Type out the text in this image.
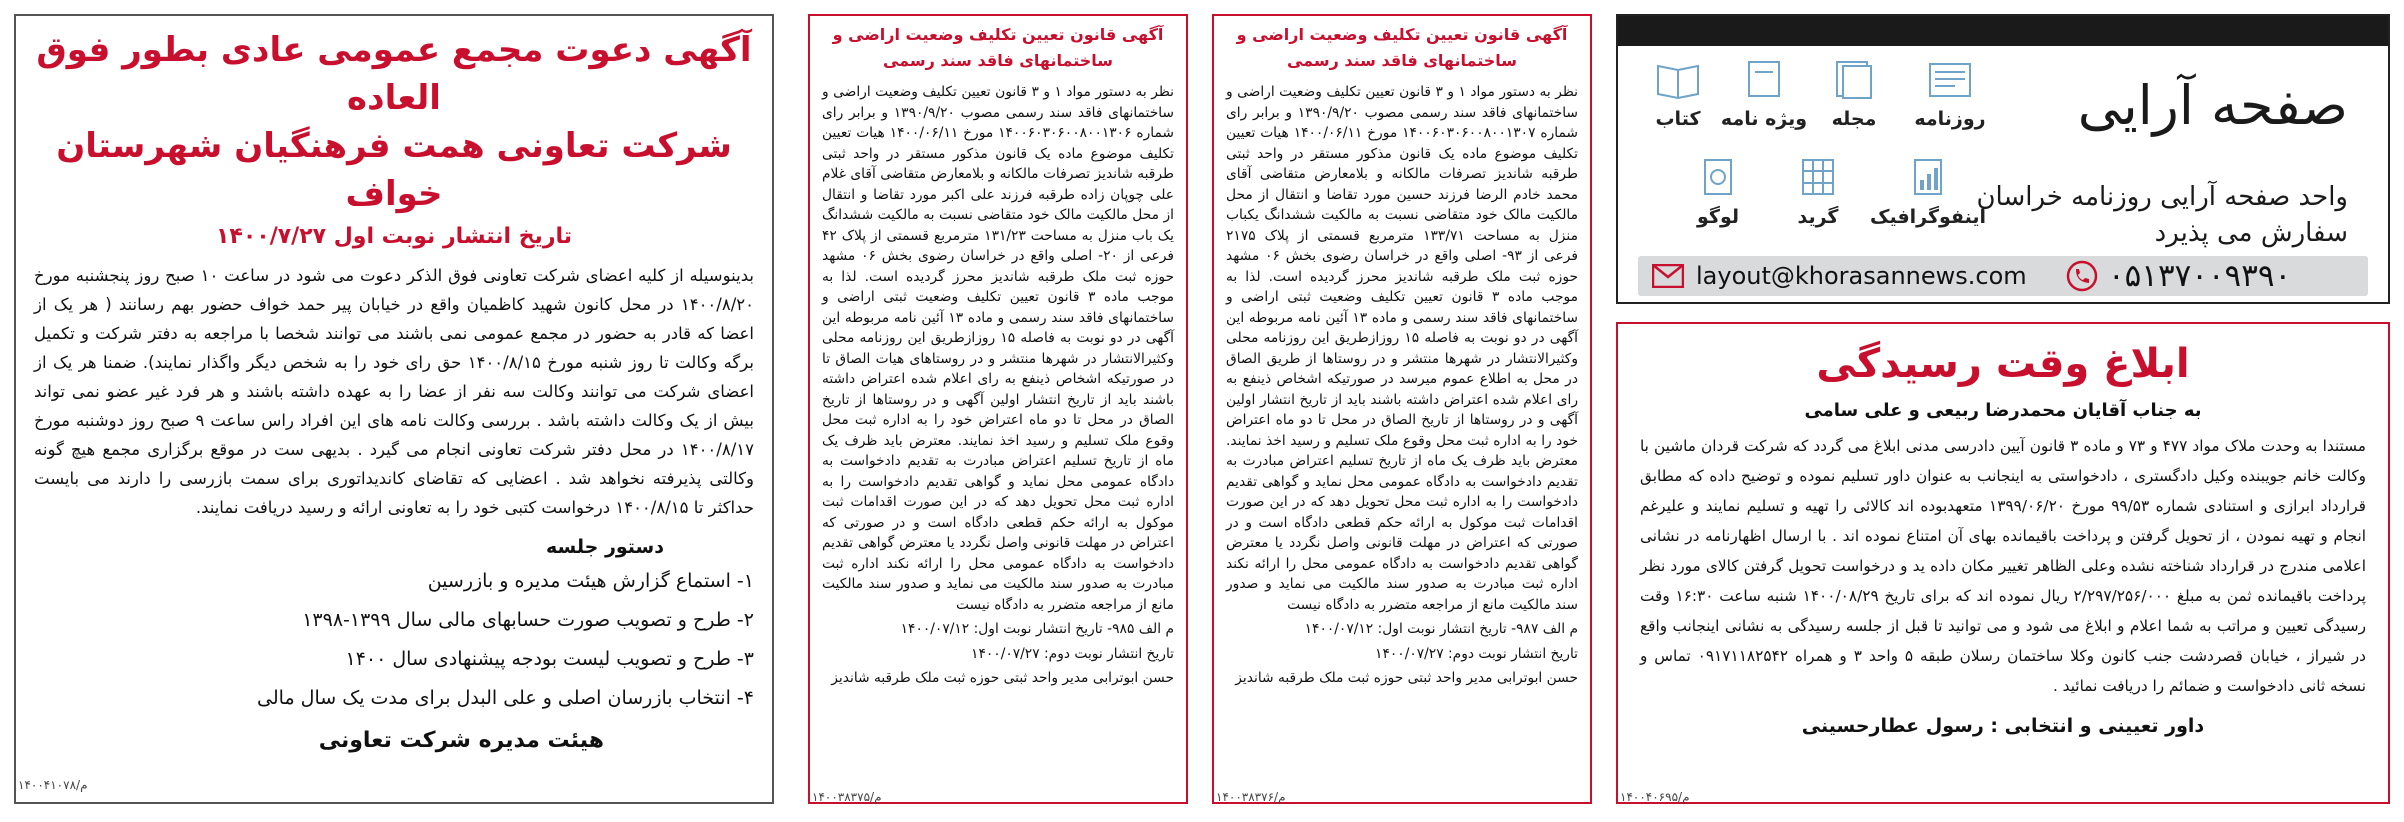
آگهی دعوت مجمع عمومی عادی بطور فوق العاده
شرکت تعاونی همت فرهنگیان شهرستان خواف
تاریخ انتشار نوبت اول ۱۴۰۰/۷/۲۷
بدینوسیله از کلیه اعضای شرکت تعاونی فوق الذکر دعوت می شود در ساعت ۱۰ صبح روز پنجشنبه مورخ ۱۴۰۰/۸/۲۰ در محل کانون شهید کاظمیان واقع در خیابان پیر حمد خواف حضور بهم رسانند ( هر یک از اعضا که قادر به حضور در مجمع عمومی نمی باشند می توانند شخصا با مراجعه به دفتر شرکت و تکمیل برگه وکالت تا روز شنبه مورخ ۱۴۰۰/۸/۱۵ حق رای خود را به شخص دیگر واگذار نمایند). ضمنا هر یک از اعضای شرکت می توانند وکالت سه نفر از عضا را به عهده داشته باشند و هر فرد غیر عضو نمی تواند بیش از یک وکالت داشته باشد . بررسی وکالت نامه های این افراد راس ساعت ۹ صبح روز دوشنبه مورخ ۱۴۰۰/۸/۱۷ در محل دفتر شرکت تعاونی انجام می گیرد . بدیهی ست در موقع برگزاری مجمع هیچ گونه وکالتی پذیرفته نخواهد شد . اعضایی که تقاضای کاندیداتوری برای سمت بازرسی را دارند می بایست حداکثر تا ۱۴۰۰/۸/۱۵ درخواست کتبی خود را به تعاونی ارائه و رسید دریافت نمایند.
دستور جلسه
۱- استماع گزارش هیئت مدیره و بازرسین
۲- طرح و تصویب صورت حسابهای مالی سال ۱۳۹۹-۱۳۹۸
۳- طرح و تصویب لیست بودجه پیشنهادی سال ۱۴۰۰
۴- انتخاب بازرسان اصلی و علی البدل برای مدت یک سال مالی
هیئت مدیره شرکت تعاونی
۱۴۰۰۴۱۰۷۸/م
آگهی قانون تعیین تکلیف وضعیت اراضی و
ساختمانهای فاقد سند رسمی
نظر به دستور مواد ۱ و ۳ قانون تعیین تکلیف وضعیت اراضی و ساختمانهای فاقد سند رسمی مصوب ۱۳۹۰/۹/۲۰ و برابر رای شماره ۱۴۰۰۶۰۳۰۶۰۰۸۰۰۱۳۰۶ مورخ ۱۴۰۰/۰۶/۱۱ هیات تعیین تکلیف موضوع ماده یک قانون مذکور مستقر در واحد ثبتی طرقبه شاندیز تصرفات مالکانه و بلامعارض متقاضی آقای غلام علی چوپان زاده طرقبه فرزند علی اکبر مورد تقاضا و انتقال از محل مالکیت مالک خود متقاضی نسبت به مالکیت ششدانگ یک باب منزل به مساحت ۱۳۱/۲۳ مترمربع قسمتی از پلاک ۴۲ فرعی از ۲۰- اصلی واقع در خراسان رضوی بخش ۰۶ مشهد حوزه ثبت ملک طرقبه شاندیز محرز گردیده است. لذا به موجب ماده ۳ قانون تعیین تکلیف وضعیت ثبتی اراضی و ساختمانهای فاقد سند رسمی و ماده ۱۳ آئین نامه مربوطه این آگهی در دو نوبت به فاصله ۱۵ روزازطریق این روزنامه محلی وکثیرالانتشار در شهرها منتشر و در روستاهای هیات الصاق تا در صورتیکه اشخاص ذینفع به رای اعلام شده اعتراض داشته باشند باید از تاریخ انتشار اولین آگهی و در روستاها از تاریخ الصاق در محل تا دو ماه اعتراض خود را به اداره ثبت محل وقوع ملک تسلیم و رسید اخذ نمایند. معترض باید ظرف یک ماه از تاریخ تسلیم اعتراض مبادرت به تقدیم دادخواست به دادگاه عمومی محل نماید و گواهی تقدیم دادخواست را به اداره ثبت محل تحویل دهد که در این صورت اقدامات ثبت موکول به ارائه حکم قطعی دادگاه است و در صورتی که اعتراض در مهلت قانونی واصل نگردد یا معترض گواهی تقدیم دادخواست به دادگاه عمومی محل را ارائه نکند اداره ثبت مبادرت به صدور سند مالکیت می نماید و صدور سند مالکیت مانع از مراجعه متضرر به دادگاه نیست
م الف ۹۸۵- تاریخ انتشار نوبت اول: ۱۴۰۰/۰۷/۱۲
تاریخ انتشار نوبت دوم: ۱۴۰۰/۰۷/۲۷
حسن ابوترابی مدیر واحد ثبتی حوزه ثبت ملک طرقبه شاندیز
۱۴۰۰۳۸۳۷۵/م
آگهی قانون تعیین تکلیف وضعیت اراضی و
ساختمانهای فاقد سند رسمی
نظر به دستور مواد ۱ و ۳ قانون تعیین تکلیف وضعیت اراضی و ساختمانهای فاقد سند رسمی مصوب ۱۳۹۰/۹/۲۰ و برابر رای شماره ۱۴۰۰۶۰۳۰۶۰۰۸۰۰۱۳۰۷ مورخ ۱۴۰۰/۰۶/۱۱ هیات تعیین تکلیف موضوع ماده یک قانون مذکور مستقر در واحد ثبتی طرقبه شاندیز تصرفات مالکانه و بلامعارض متقاضی آقای محمد خادم الرضا فرزند حسین مورد تقاضا و انتقال از محل مالکیت مالک خود متقاضی نسبت به مالکیت ششدانگ یکباب منزل به مساحت ۱۳۳/۷۱ مترمربع قسمتی از پلاک ۲۱۷۵ فرعی از ۹۳- اصلی واقع در خراسان رضوی بخش ۰۶ مشهد حوزه ثبت ملک طرقبه شاندیز محرز گردیده است. لذا به موجب ماده ۳ قانون تعیین تکلیف وضعیت ثبتی اراضی و ساختمانهای فاقد سند رسمی و ماده ۱۳ آئین نامه مربوطه این آگهی در دو نوبت به فاصله ۱۵ روزازطریق این روزنامه محلی وکثیرالانتشار در شهرها منتشر و در روستاها از طریق الصاق در محل به اطلاع عموم میرسد در صورتیکه اشخاص ذینفع به رای اعلام شده اعتراض داشته باشند باید از تاریخ انتشار اولین آگهی و در روستاها از تاریخ الصاق در محل تا دو ماه اعتراض خود را به اداره ثبت محل وقوع ملک تسلیم و رسید اخذ نمایند. معترض باید ظرف یک ماه از تاریخ تسلیم اعتراض مبادرت به تقدیم دادخواست به دادگاه عمومی محل نماید و گواهی تقدیم دادخواست را به اداره ثبت محل تحویل دهد که در این صورت اقدامات ثبت موکول به ارائه حکم قطعی دادگاه است و در صورتی که اعتراض در مهلت قانونی واصل نگردد یا معترض گواهی تقدیم دادخواست به دادگاه عمومی محل را ارائه نکند اداره ثبت مبادرت به صدور سند مالکیت می نماید و صدور سند مالکیت مانع از مراجعه متضرر به دادگاه نیست
م الف ۹۸۷- تاریخ انتشار نوبت اول: ۱۴۰۰/۰۷/۱۲
تاریخ انتشار نوبت دوم: ۱۴۰۰/۰۷/۲۷
حسن ابوترابی مدیر واحد ثبتی حوزه ثبت ملک طرقبه شاندیز
۱۴۰۰۳۸۳۷۶/م
صفحه آرایی
واحد صفحه آرایی روزنامه خراسان
سفارش می پذیرد
روزنامه
مجله
ویژه نامه
کتاب
اینفوگرافیک
گرید
لوگو
layout@khorasannews.com	۰۵۱۳۷۰۰۹۳۹۰
ابلاغ وقت رسیدگی
به جناب آقایان محمدرضا ربیعی و علی سامی
مستندا به وحدت ملاک مواد ۴۷۷ و ۷۳ و ماده ۳ قانون آیین دادرسی مدنی ابلاغ می گردد که شرکت قردان ماشین با وکالت خانم جویبنده وکیل دادگستری ، دادخواستی به اینجانب به عنوان داور تسلیم نموده و توضیح داده که مطابق قرارداد ابرازی و استنادی شماره ۹۹/۵۳ مورخ ۱۳۹۹/۰۶/۲۰ متعهدبوده اند کالائی را تهیه و تسلیم نمایند و علیرغم انجام و تهیه نمودن ، از تحویل گرفتن و پرداخت باقیمانده بهای آن امتناع نموده اند . با ارسال اظهارنامه در نشانی اعلامی مندرج در قرارداد شناخته نشده وعلی الظاهر تغییر مکان داده ید و درخواست تحویل گرفتن کالای مورد نظر پرداخت باقیمانده ثمن به مبلغ ۲/۲۹۷/۲۵۶/۰۰۰ ریال نموده اند که برای تاریخ ۱۴۰۰/۰۸/۲۹ شنبه ساعت ۱۶:۳۰ وقت رسیدگی تعیین و مراتب به شما اعلام و ابلاغ می شود و می توانید تا قبل از جلسه رسیدگی به نشانی اینجانب واقع در شیراز ، خیابان قصردشت جنب کانون وکلا ساختمان رسلان طبقه ۵ واحد ۳ و همراه ۰۹۱۷۱۱۸۲۵۴۲ تماس و نسخه ثانی دادخواست و ضمائم را دریافت نمائید .
داور تعیینی و انتخابی : رسول عطارحسینی
۱۴۰۰۴۰۶۹۵/م
